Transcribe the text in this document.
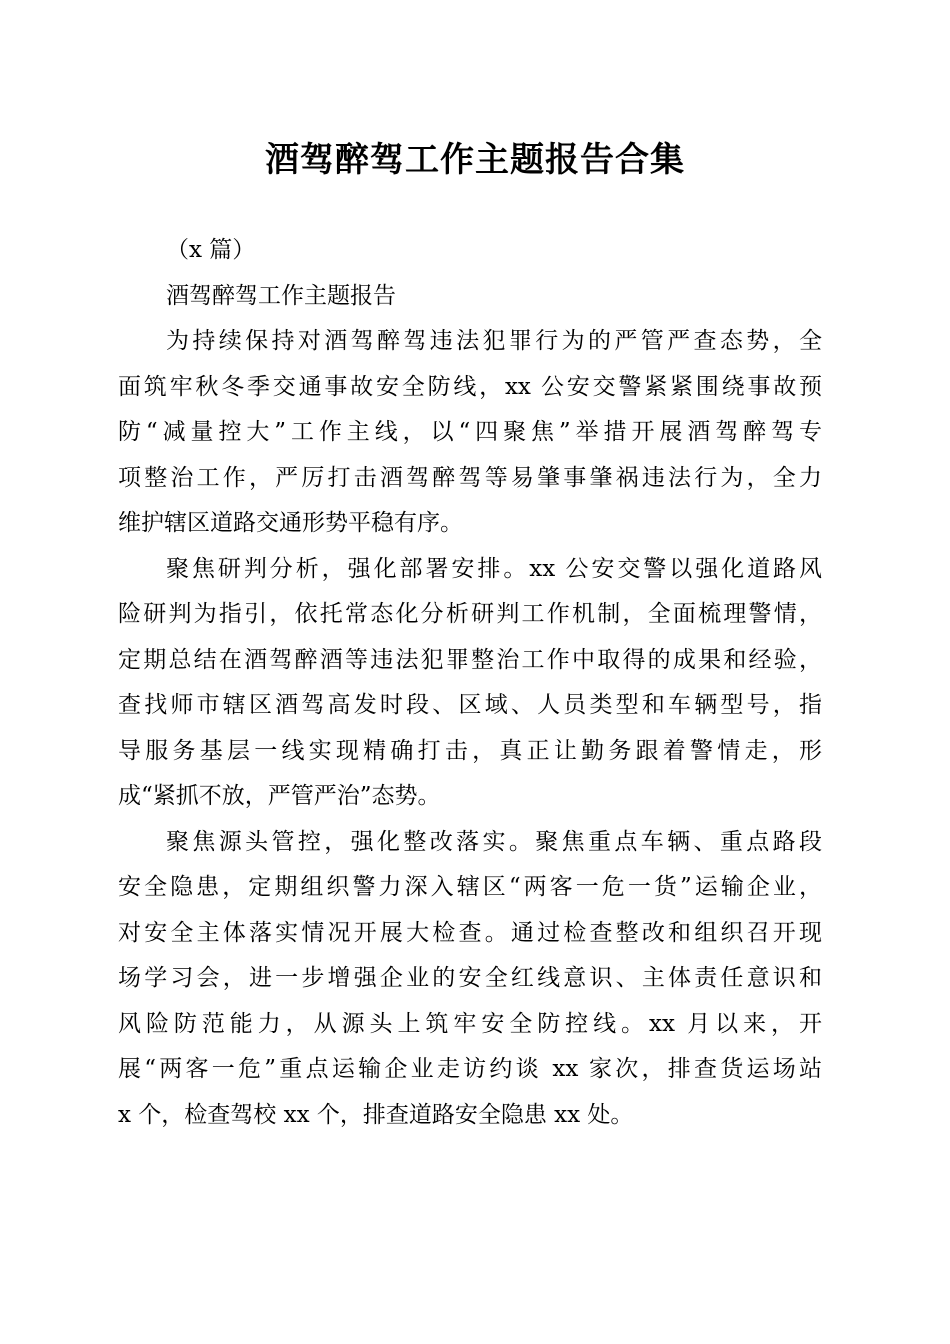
酒驾醉驾工作主题报告合集
（x 篇）
酒驾醉驾工作主题报告
为持续保持对酒驾醉驾违法犯罪行为的严管严查态势，全
面筑牢秋冬季交通事故安全防线，xx 公安交警紧紧围绕事故预
防“减量控大”工作主线，以“四聚焦”举措开展酒驾醉驾专
项整治工作，严厉打击酒驾醉驾等易肇事肇祸违法行为，全力
维护辖区道路交通形势平稳有序。
聚焦研判分析，强化部署安排。xx 公安交警以强化道路风
险研判为指引，依托常态化分析研判工作机制，全面梳理警情，
定期总结在酒驾醉酒等违法犯罪整治工作中取得的成果和经验，
查找师市辖区酒驾高发时段、区域、人员类型和车辆型号，指
导服务基层一线实现精确打击，真正让勤务跟着警情走，形
成“紧抓不放，严管严治”态势。
聚焦源头管控，强化整改落实。聚焦重点车辆、重点路段
安全隐患，定期组织警力深入辖区“两客一危一货”运输企业，
对安全主体落实情况开展大检查。通过检查整改和组织召开现
场学习会，进一步增强企业的安全红线意识、主体责任意识和
风险防范能力，从源头上筑牢安全防控线。xx 月以来，开
展“两客一危”重点运输企业走访约谈 xx 家次，排查货运场站
x 个，检查驾校 xx 个，排查道路安全隐患 xx 处。
